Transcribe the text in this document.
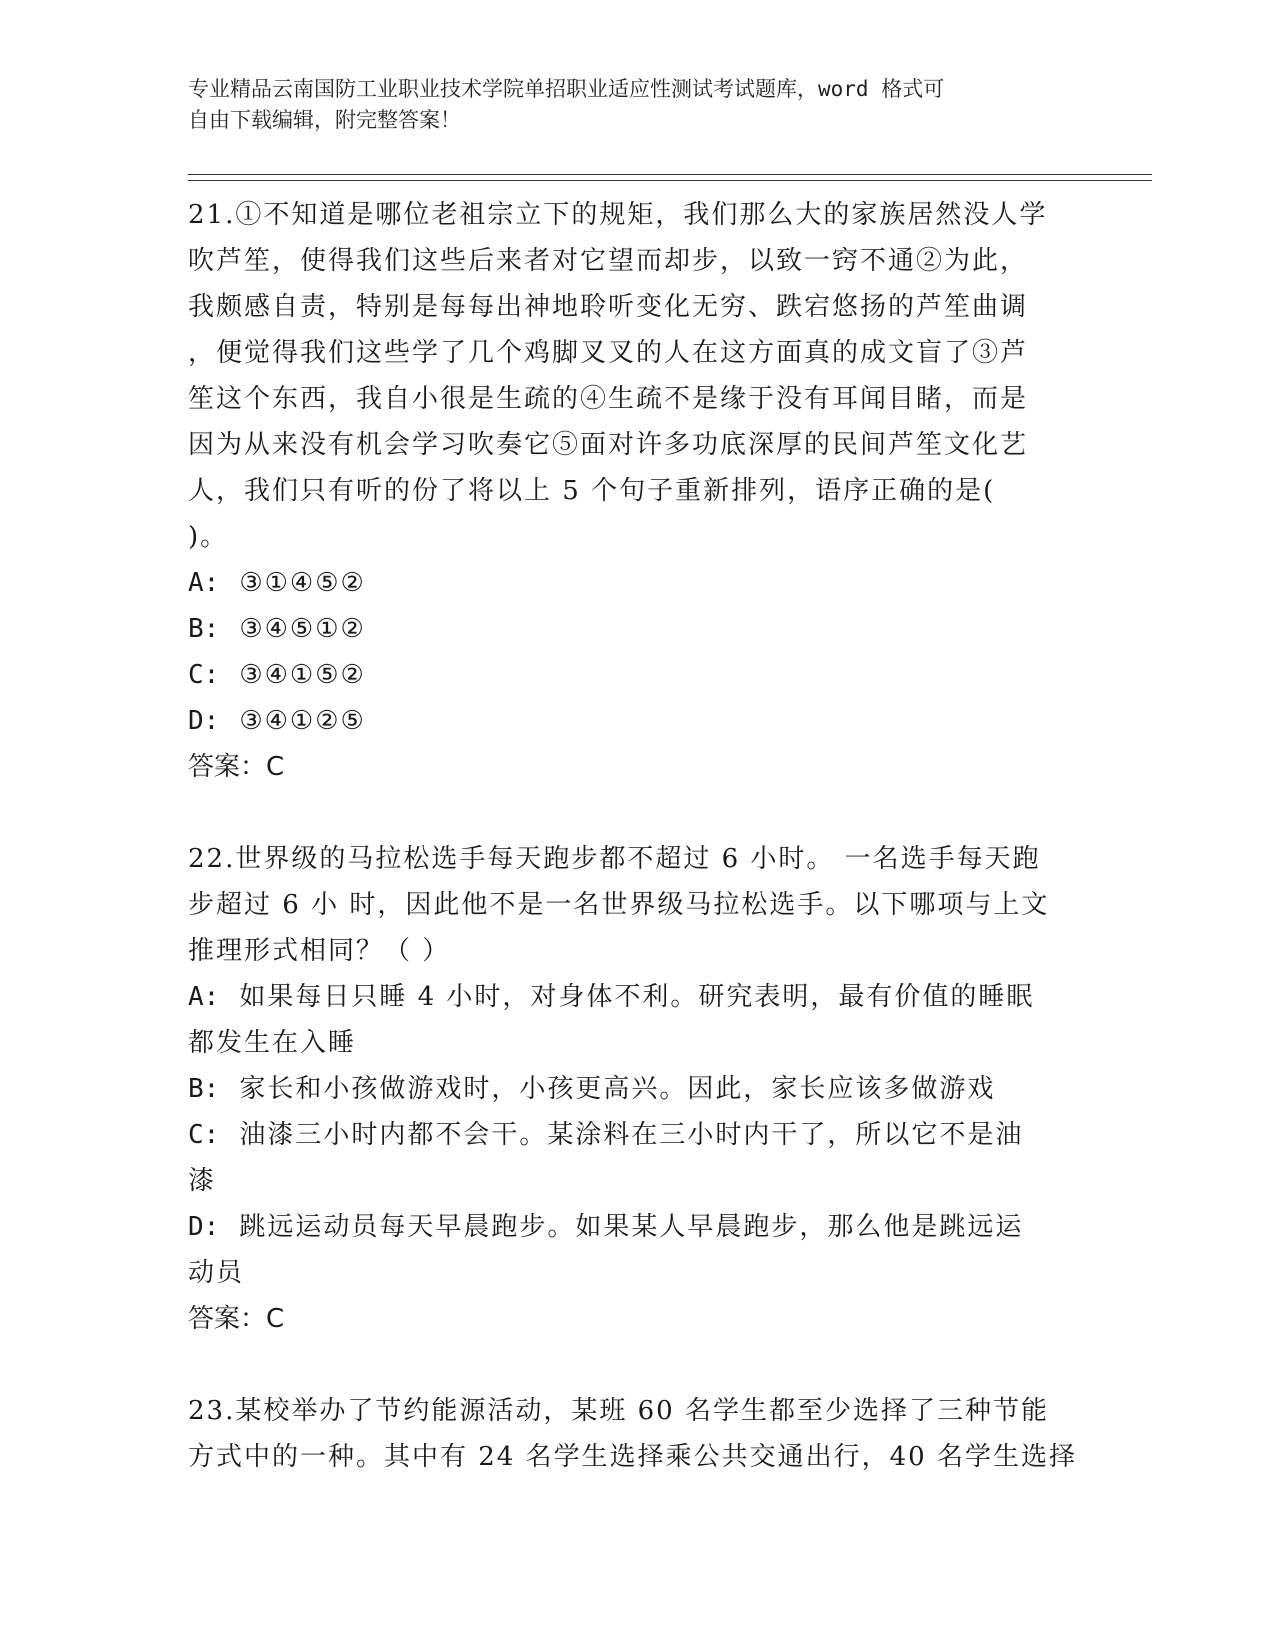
专业精品云南国防工业职业技术学院单招职业适应性测试考试题库，word 格式可
自由下载编辑，附完整答案！
21.①不知道是哪位老祖宗立下的规矩，我们那么大的家族居然没人学
吹芦笙，使得我们这些后来者对它望而却步，以致一窍不通②为此，
我颇感自责，特别是每每出神地聆听变化无穷、跌宕悠扬的芦笙曲调
，便觉得我们这些学了几个鸡脚叉叉的人在这方面真的成文盲了③芦
笙这个东西，我自小很是生疏的④生疏不是缘于没有耳闻目睹，而是
因为从来没有机会学习吹奏它⑤面对许多功底深厚的民间芦笙文化艺
人，我们只有听的份了将以上 5 个句子重新排列，语序正确的是(
)。
A: ③①④⑤②
B: ③④⑤①②
C: ③④①⑤②
D: ③④①②⑤
答案：C
22.世界级的马拉松选手每天跑步都不超过 6 小时。 一名选手每天跑
步超过 6 小 时，因此他不是一名世界级马拉松选手。以下哪项与上文
推理形式相同？（ ）
A: 如果每日只睡 4 小时，对身体不利。研究表明，最有价值的睡眠
都发生在入睡
B: 家长和小孩做游戏时，小孩更高兴。因此，家长应该多做游戏
C: 油漆三小时内都不会干。某涂料在三小时内干了，所以它不是油
漆
D: 跳远运动员每天早晨跑步。如果某人早晨跑步，那么他是跳远运
动员
答案：C
23.某校举办了节约能源活动，某班 60 名学生都至少选择了三种节能
方式中的一种。其中有 24 名学生选择乘公共交通出行，40 名学生选择
